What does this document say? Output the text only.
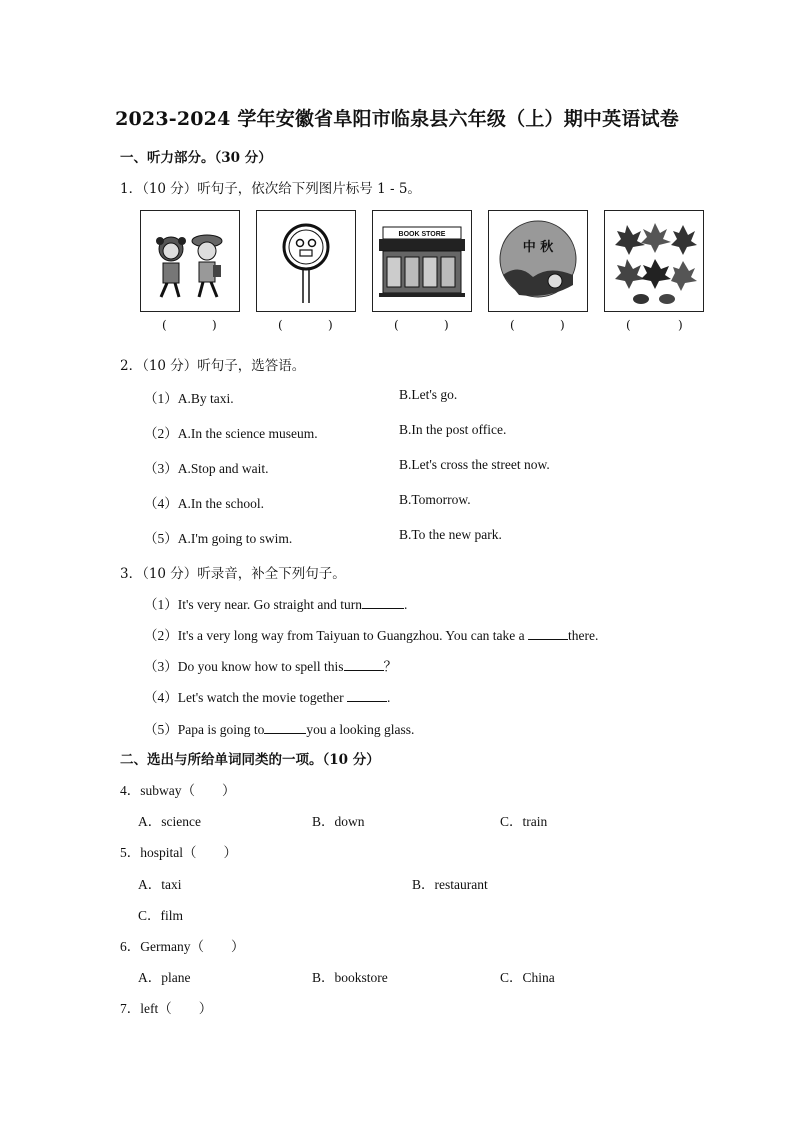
2023-2024 学年安徽省阜阳市临泉县六年级（上）期中英语试卷
一、听力部分。（30 分）
1．（10 分）听句子，依次给下列图片标号 1 - 5。
BOOK STORE
中 秋
(	)	(	)	(	)	(	)	(	)
2．（10 分）听句子，选答语。
（1）A.By taxi.	B.Let's go.
（2）A.In the science museum.	B.In the post office.
（3）A.Stop and wait.	B.Let's cross the street now.
（4）A.In the school.	B.Tomorrow.
（5）A.I'm going to swim.	B.To the new park.
3．（10 分）听录音，补全下列句子。
（1）It's very near. Go straight and turn	.
（2）It's a very long way from Taiyuan to Guangzhou. You can take a	there.
（3）Do you know how to spell this	？
（4）Let's watch the movie together	.
（5）Papa is going to	you a looking glass.
二、选出与所给单词同类的一项。（10 分）
4．subway（　　）
A．science	B．down	C．train
5．hospital（　　）
A．taxi	B．restaurant
C．film
6．Germany（　　）
A．plane	B．bookstore	C．China
7．left（　　）
